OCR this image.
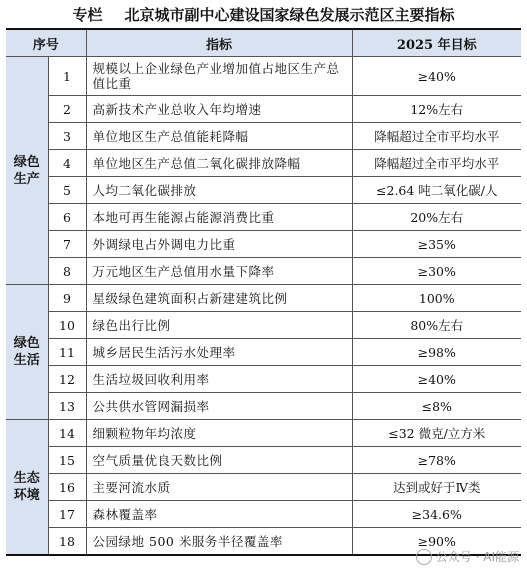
专栏 北京城市副中心建设国家绿色发展示范区主要指标
序号		指标	2025 年目标
绿色
生产	1	规模以上企业绿色产业增加值占地区生产总值比重	≥40%
	2	高新技术产业总收入年均增速	12%左右
	3	单位地区生产总值能耗降幅	降幅超过全市平均水平
	4	单位地区生产总值二氧化碳排放降幅	降幅超过全市平均水平
	5	人均二氧化碳排放	≤2.64 吨二氧化碳/人
	6	本地可再生能源占能源消费比重	20%左右
	7	外调绿电占外调电力比重	≥35%
	8	万元地区生产总值用水量下降率	≥30%
绿色
生活	9	星级绿色建筑面积占新建建筑比例	100%
	10	绿色出行比例	80%左右
	11	城乡居民生活污水处理率	≥98%
	12	生活垃圾回收利用率	≥40%
	13	公共供水管网漏损率	≤8%
生态
环境	14	细颗粒物年均浓度	≤32 微克/立方米
	15	空气质量优良天数比例	≥78%
	16	主要河流水质	达到或好于Ⅳ类
	17	森林覆盖率	≥34.6%
	18	公园绿地 500 米服务半径覆盖率	≥90%
公众号 · AI能源
